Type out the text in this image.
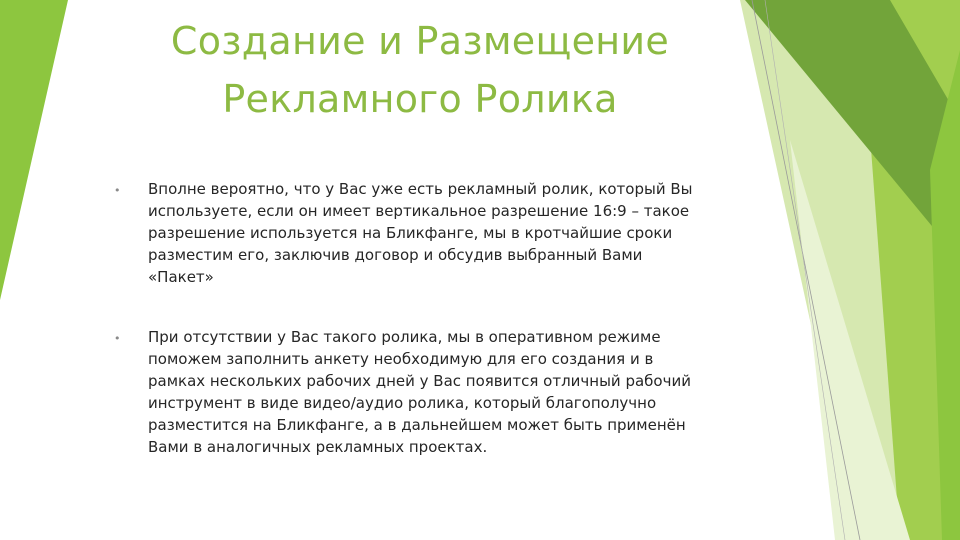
Создание и Размещение
Рекламного Ролика
• Вполне вероятно, что у Вас уже есть рекламный ролик, который Вы
используете, если он имеет вертикальное разрешение 16:9 – такое
разрешение используется на Бликфанге, мы в кротчайшие сроки
разместим его, заключив договор и обсудив выбранный Вами
«Пакет»
• При отсутствии у Вас такого ролика, мы в оперативном режиме
поможем заполнить анкету необходимую для его создания и в
рамках нескольких рабочих дней у Вас появится отличный рабочий
инструмент в виде видео/аудио ролика, который благополучно
разместится на Бликфанге, а в дальнейшем может быть применён
Вами в аналогичных рекламных проектах.
